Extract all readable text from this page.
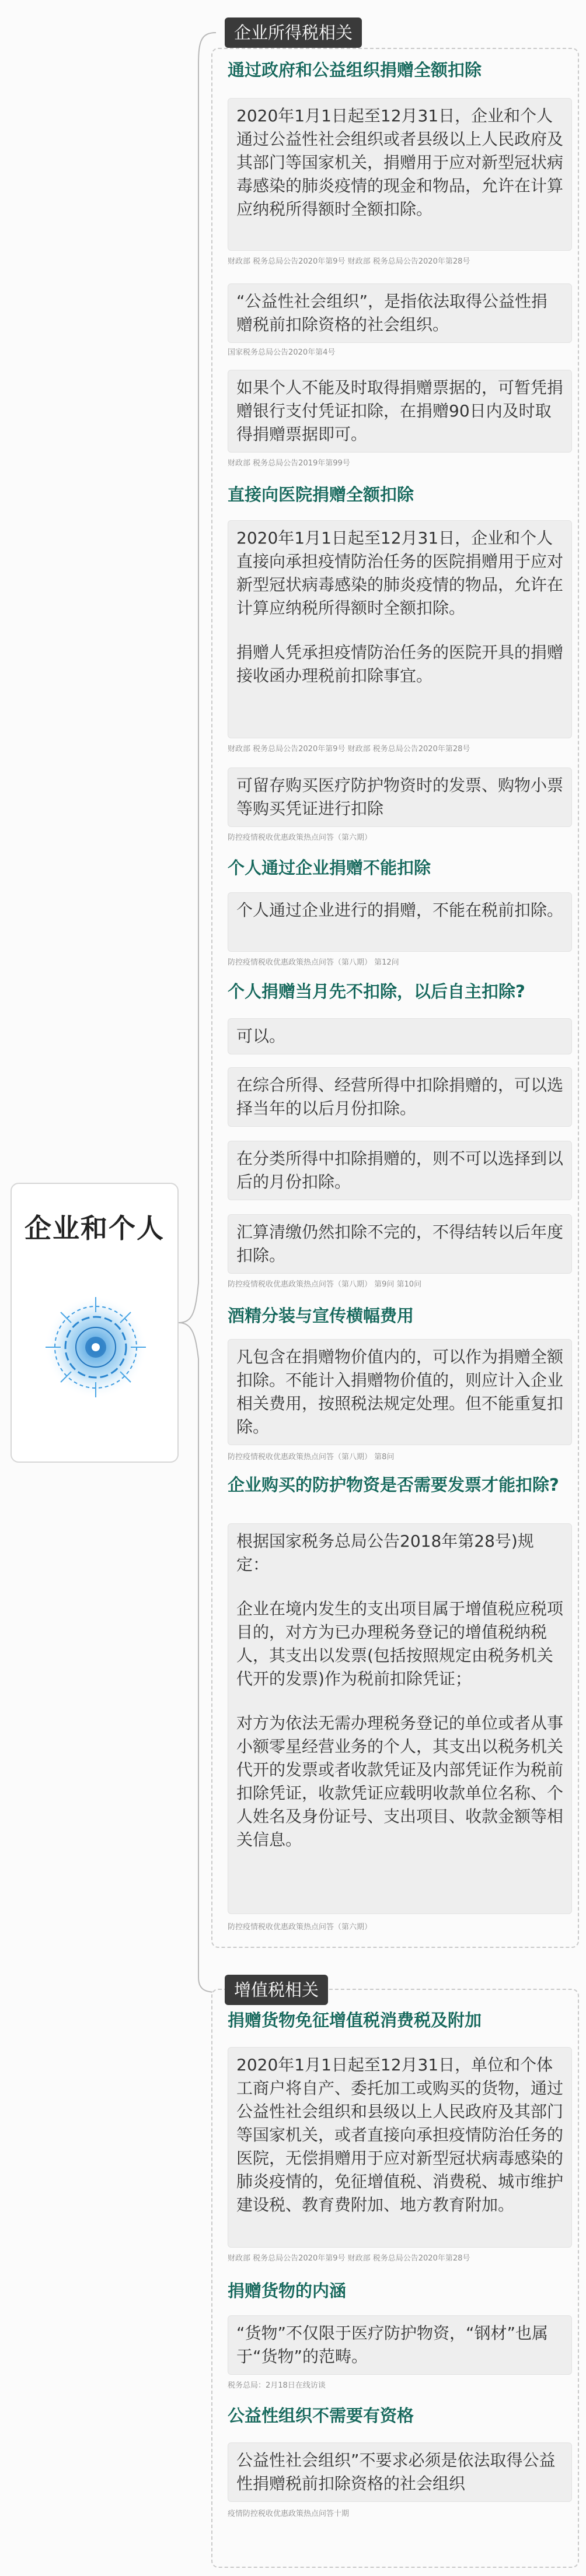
企业和个人
企业所得税相关
通过政府和公益组织捐赠全额扣除
2020年1月1日起至12月31日，企业和个人通过公益性社会组织或者县级以上人民政府及其部门等国家机关，捐赠用于应对新型冠状病毒感染的肺炎疫情的现金和物品，允许在计算应纳税所得额时全额扣除。
财政部 税务总局公告2020年第9号 财政部 税务总局公告2020年第28号
“公益性社会组织”，是指依法取得公益性捐赠税前扣除资格的社会组织。
国家税务总局公告2020年第4号
如果个人不能及时取得捐赠票据的，可暂凭捐赠银行支付凭证扣除，在捐赠90日内及时取得捐赠票据即可。
财政部 税务总局公告2019年第99号
直接向医院捐赠全额扣除
2020年1月1日起至12月31日，企业和个人直接向承担疫情防治任务的医院捐赠用于应对新型冠状病毒感染的肺炎疫情的物品，允许在计算应纳税所得额时全额扣除。
捐赠人凭承担疫情防治任务的医院开具的捐赠接收函办理税前扣除事宜。
财政部 税务总局公告2020年第9号 财政部 税务总局公告2020年第28号
可留存购买医疗防护物资时的发票、购物小票等购买凭证进行扣除
防控疫情税收优惠政策热点问答（第六期）
个人通过企业捐赠不能扣除
个人通过企业进行的捐赠，不能在税前扣除。
防控疫情税收优惠政策热点问答（第八期） 第12问
个人捐赠当月先不扣除，以后自主扣除?
可以。
在综合所得、经营所得中扣除捐赠的，可以选择当年的以后月份扣除。
在分类所得中扣除捐赠的，则不可以选择到以后的月份扣除。
汇算清缴仍然扣除不完的，不得结转以后年度扣除。
防控疫情税收优惠政策热点问答（第八期） 第9问 第10问
酒精分装与宣传横幅费用
凡包含在捐赠物价值内的，可以作为捐赠全额扣除。不能计入捐赠物价值的，则应计入企业相关费用，按照税法规定处理。但不能重复扣除。
防控疫情税收优惠政策热点问答（第八期） 第8问
企业购买的防护物资是否需要发票才能扣除?
根据国家税务总局公告2018年第28号)规定：
企业在境内发生的支出项目属于增值税应税项目的，对方为已办理税务登记的增值税纳税人，其支出以发票(包括按照规定由税务机关代开的发票)作为税前扣除凭证；
对方为依法无需办理税务登记的单位或者从事小额零星经营业务的个人，其支出以税务机关代开的发票或者收款凭证及内部凭证作为税前扣除凭证，收款凭证应载明收款单位名称、个人姓名及身份证号、支出项目、收款金额等相关信息。
防控疫情税收优惠政策热点问答（第六期）
增值税相关
捐赠货物免征增值税消费税及附加
2020年1月1日起至12月31日，单位和个体工商户将自产、委托加工或购买的货物，通过公益性社会组织和县级以上人民政府及其部门等国家机关，或者直接向承担疫情防治任务的医院，无偿捐赠用于应对新型冠状病毒感染的肺炎疫情的，免征增值税、消费税、城市维护建设税、教育费附加、地方教育附加。
财政部 税务总局公告2020年第9号 财政部 税务总局公告2020年第28号
捐赠货物的内涵
“货物”不仅限于医疗防护物资，“钢材”也属于“货物”的范畴。
税务总局：2月18日在线访谈
公益性组织不需要有资格
公益性社会组织”不要求必须是依法取得公益性捐赠税前扣除资格的社会组织
疫情防控税收优惠政策热点问答十期
